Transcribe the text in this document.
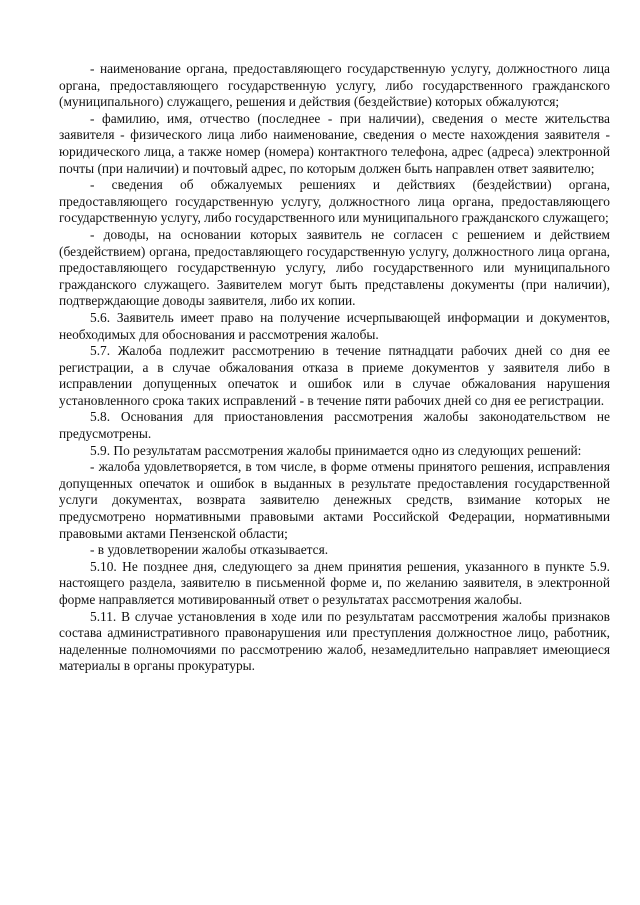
- наименование органа, предоставляющего государственную услугу, должностного лица органа, предоставляющего государственную услугу, либо государственного гражданского (муниципального) служащего, решения и действия (бездействие) которых обжалуются;

- фамилию, имя, отчество (последнее - при наличии), сведения о месте жительства заявителя - физического лица либо наименование, сведения о месте нахождения заявителя - юридического лица, а также номер (номера) контактного телефона, адрес (адреса) электронной почты (при наличии) и почтовый адрес, по которым должен быть направлен ответ заявителю;

- сведения об обжалуемых решениях и действиях (бездействии) органа, предоставляющего государственную услугу, должностного лица органа, предоставляющего государственную услугу, либо государственного или муниципального гражданского служащего;

- доводы, на основании которых заявитель не согласен с решением и действием (бездействием) органа, предоставляющего государственную услугу, должностного лица органа, предоставляющего государственную услугу, либо государственного или муниципального гражданского служащего. Заявителем могут быть представлены документы (при наличии), подтверждающие доводы заявителя, либо их копии.

5.6. Заявитель имеет право на получение исчерпывающей информации и документов, необходимых для обоснования и рассмотрения жалобы.

5.7. Жалоба подлежит рассмотрению в течение пятнадцати рабочих дней со дня ее регистрации, а в случае обжалования отказа в приеме документов у заявителя либо в исправлении допущенных опечаток и ошибок или в случае обжалования нарушения установленного срока таких исправлений - в течение пяти рабочих дней со дня ее регистрации.

5.8. Основания для приостановления рассмотрения жалобы законодательством не предусмотрены.

5.9. По результатам рассмотрения жалобы принимается одно из следующих решений:

- жалоба удовлетворяется, в том числе, в форме отмены принятого решения, исправления допущенных опечаток и ошибок в выданных в результате предоставления государственной услуги документах, возврата заявителю денежных средств, взимание которых не предусмотрено нормативными правовыми актами Российской Федерации, нормативными правовыми актами Пензенской области;

- в удовлетворении жалобы отказывается.

5.10. Не позднее дня, следующего за днем принятия решения, указанного в пункте 5.9. настоящего раздела, заявителю в письменной форме и, по желанию заявителя, в электронной форме направляется мотивированный ответ о результатах рассмотрения жалобы.

5.11. В случае установления в ходе или по результатам рассмотрения жалобы признаков состава административного правонарушения или преступления должностное лицо, работник, наделенные полномочиями по рассмотрению жалоб, незамедлительно направляет имеющиеся материалы в органы прокуратуры.
